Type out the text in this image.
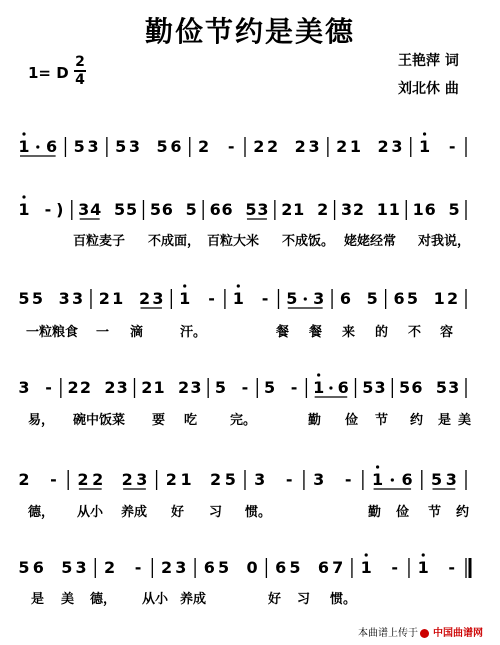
勤俭节约是美德
王艳萍 词
刘北休 曲
1= D
2
4
1 6 5 3 5 3 5 6 2 - 2 2 2 3 2 1 2 3 1 -
1 - ) 3 4 5 5 5 6 5 6 6 5 3 2 1 2 3 2 1 1 1 6 5
百粒麦子 不成面， 百粒大米 不成饭。 姥姥经常 对我说，
5 5 3 3 2 1 2 3 1 - 1 - 5 3 6 5 6 5 1 2
一粒粮食 一 滴	汗。	餐 餐 来 的 不 容
3 - 2 2 2 3 2 1 2 3 5 - 5 - 1 6 5 3 5 6 5 3
易， 碗中饭菜 要 吃	完。	勤 俭 节 约 是 美
2 - 2 2 2 3 2 1 2 5 3 - 3 - 1 6 5 3
德， 从小 养成 好 习 惯。	勤 俭 节 约
5 6 5 3 2 - 2 3 6 5 0 6 5 6 7 1 - 1 -
是 美 德， 从小 养成	好 习 惯。
本曲谱上传于 中国曲谱网
